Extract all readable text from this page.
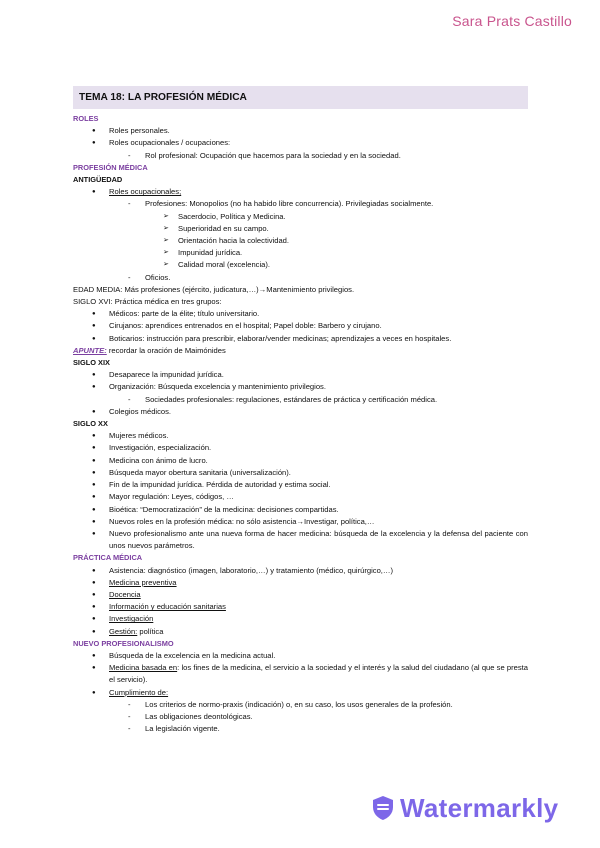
Sara Prats Castillo
TEMA 18: LA PROFESIÓN MÉDICA
ROLES
● Roles personales.
● Roles ocupacionales / ocupaciones:
- Rol profesional: Ocupación que hacemos para la sociedad y en la sociedad.
PROFESIÓN MÉDICA
ANTIGÜEDAD
● Roles ocupacionales;
- Profesiones: Monopolios (no ha habido libre concurrencia). Privilegiadas socialmente.
➢ Sacerdocio, Política y Medicina.
➢ Superioridad en su campo.
➢ Orientación hacia la colectividad.
➢ Impunidad jurídica.
➢ Calidad moral (excelencia).
- Oficios.
EDAD MEDIA: Más profesiones (ejército, judicatura,…)→Mantenimiento privilegios.
SIGLO XVI: Práctica médica en tres grupos:
● Médicos: parte de la élite; título universitario.
● Cirujanos: aprendices entrenados en el hospital; Papel doble: Barbero y cirujano.
● Boticarios: instrucción para prescribir, elaborar/vender medicinas; aprendizajes a veces en hospitales.
APUNTE: recordar la oración de Maimónides
SIGLO XIX
● Desaparece la impunidad jurídica.
● Organización: Búsqueda excelencia y mantenimiento privilegios.
- Sociedades profesionales: regulaciones, estándares de práctica y certificación médica.
● Colegios médicos.
SIGLO XX
● Mujeres médicos.
● Investigación, especialización.
● Medicina con ánimo de lucro.
● Búsqueda mayor obertura sanitaria (universalización).
● Fin de la impunidad jurídica. Pérdida de autoridad y estima social.
● Mayor regulación: Leyes, códigos, …
● Bioética: “Democratización” de la medicina: decisiones compartidas.
● Nuevos roles en la profesión médica: no sólo asistencia→Investigar, política,…
● Nuevo profesionalismo ante una nueva forma de hacer medicina: búsqueda de la excelencia y la defensa del paciente con unos nuevos parámetros.
PRÁCTICA MÉDICA
● Asistencia: diagnóstico (imagen, laboratorio,…) y tratamiento (médico, quirúrgico,…)
● Medicina preventiva
● Docencia
● Información y educación sanitarias
● Investigación
● Gestión: política
NUEVO PROFESIONALISMO
● Búsqueda de la excelencia en la medicina actual.
● Medicina basada en: los fines de la medicina, el servicio a la sociedad y el interés y la salud del ciudadano (al que se presta el servicio).
● Cumplimiento de:
- Los criterios de normo-praxis (indicación) o, en su caso, los usos generales de la profesión.
- Las obligaciones deontológicas.
- La legislación vigente.
Watermarkly
